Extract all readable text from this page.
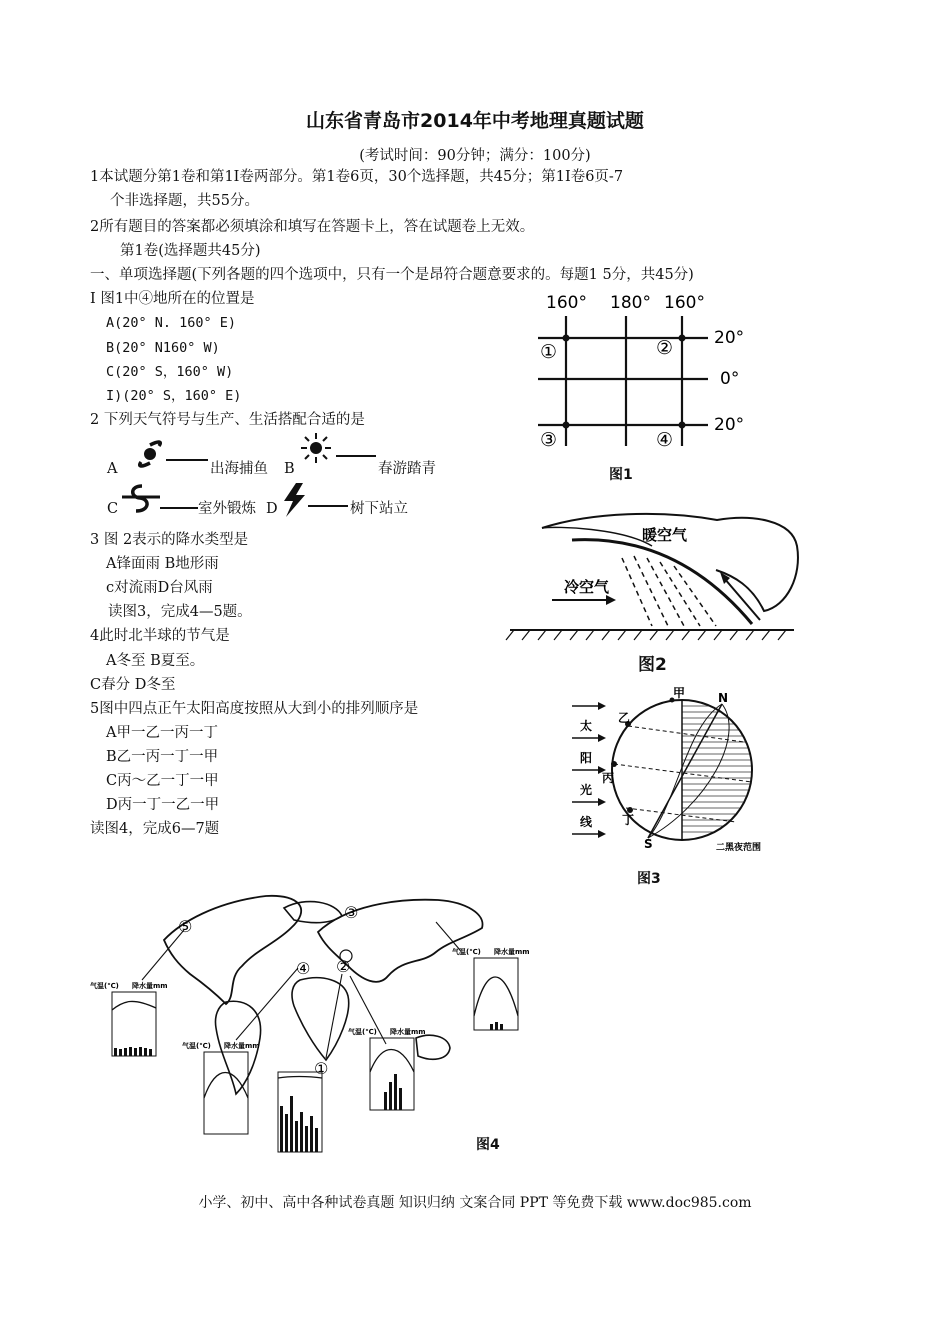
山东省青岛市2014年中考地理真题试题
(考试时间：90分钟；满分：100分)
1本试题分第1卷和第1I卷两部分。第1卷6页，30个选择题，共45分；第1I卷6页-7
个非选择题，共55分。
2所有题目的答案都必须填涂和填写在答题卡上，答在试题卷上无效。
第1卷(选择题共45分)
一、单项选择题(下列各题的四个选项中，只有一个是昂符合题意要求的。每题1 5分，共45分)
I 图1中④地所在的位置是
A(20° N. 160° E)
B(20° N160° W)
C(20° S，160° W)
I)(20° S，160° E)
2 下列天气符号与生产、生活搭配合适的是
A	出海捕鱼 B	春游踏青
C	室外锻炼 D	树下站立
3 图 2表示的降水类型是
A锋面雨 B地形雨
c对流雨D台风雨
读图3，完成4—5题。
4此时北半球的节气是
A冬至 B夏至。
C春分 D冬至
5图中四点正午太阳高度按照从大到小的排列顺序是
A甲一乙一丙一丁
B乙一丙一丁一甲
C丙～乙一丁一甲
D丙一丁一乙一甲
读图4，完成6—7题
160° 180° 160°
20°
0°
20°
①	②
③	④
图1
暖空气
冷空气
图2
太
阳
光
线
甲	N
S
乙
丙
丁
二黑夜范围
图3
⑤
④ ②
③
①
气温(℃) 降水量mm
气温(℃) 降水量mm
气温(℃) 降水量mm
气温(℃) 降水量mm
图4
小学、初中、高中各种试卷真题 知识归纳 文案合同 PPT 等免费下载 www.doc985.com
